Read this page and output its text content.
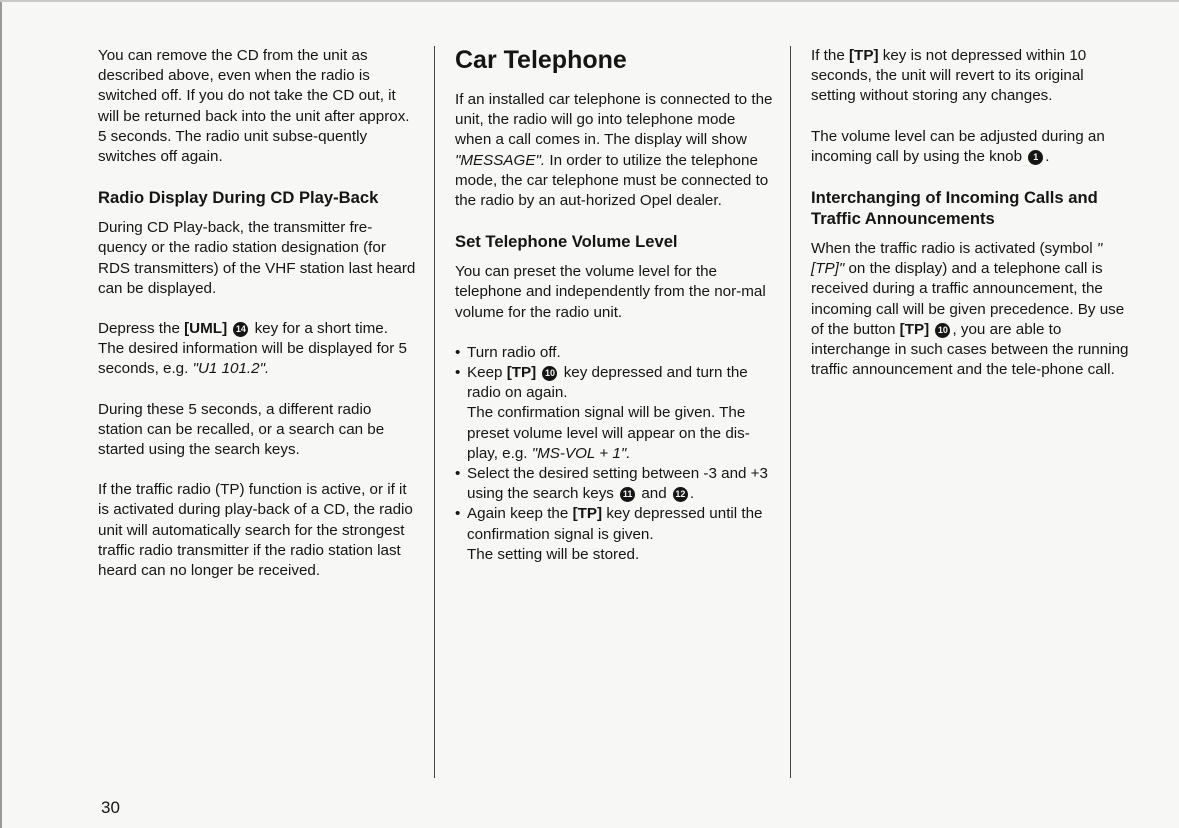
You can remove the CD from the unit as described above, even when the radio is switched off. If you do not take the CD out, it will be returned back into the unit after approx. 5 seconds. The radio unit subse-quently switches off again.

Radio Display During CD Play-Back

During CD Play-back, the transmitter fre-quency or the radio station designation (for RDS transmitters) of the VHF station last heard can be displayed.

Depress the [UML] 14 key for a short time. The desired information will be displayed for 5 seconds, e.g. "U1 101.2".

During these 5 seconds, a different radio station can be recalled, or a search can be started using the search keys.

If the traffic radio (TP) function is active, or if it is activated during play-back of a CD, the radio unit will automatically search for the strongest traffic radio transmitter if the radio station last heard can no longer be received.

Car Telephone

If an installed car telephone is connected to the unit, the radio will go into telephone mode when a call comes in. The display will show "MESSAGE". In order to utilize the telephone mode, the car telephone must be connected to the radio by an aut-horized Opel dealer.

Set Telephone Volume Level

You can preset the volume level for the telephone and independently from the nor-mal volume for the radio unit.

• Turn radio off.
• Keep [TP] 10 key depressed and turn the radio on again.
The confirmation signal will be given. The preset volume level will appear on the dis-play, e.g. "MS-VOL + 1".
• Select the desired setting between -3 and +3 using the search keys 11 and 12 .
• Again keep the [TP] key depressed until the confirmation signal is given.
The setting will be stored.

If the [TP] key is not depressed within 10 seconds, the unit will revert to its original setting without storing any changes.

The volume level can be adjusted during an incoming call by using the knob 1 .

Interchanging of Incoming Calls and Traffic Announcements

When the traffic radio is activated (symbol "[TP]" on the display) and a telephone call is received during a traffic announcement, the incoming call will be given precedence. By use of the button [TP] 10 , you are able to interchange in such cases between the running traffic announcement and the tele-phone call.

30
